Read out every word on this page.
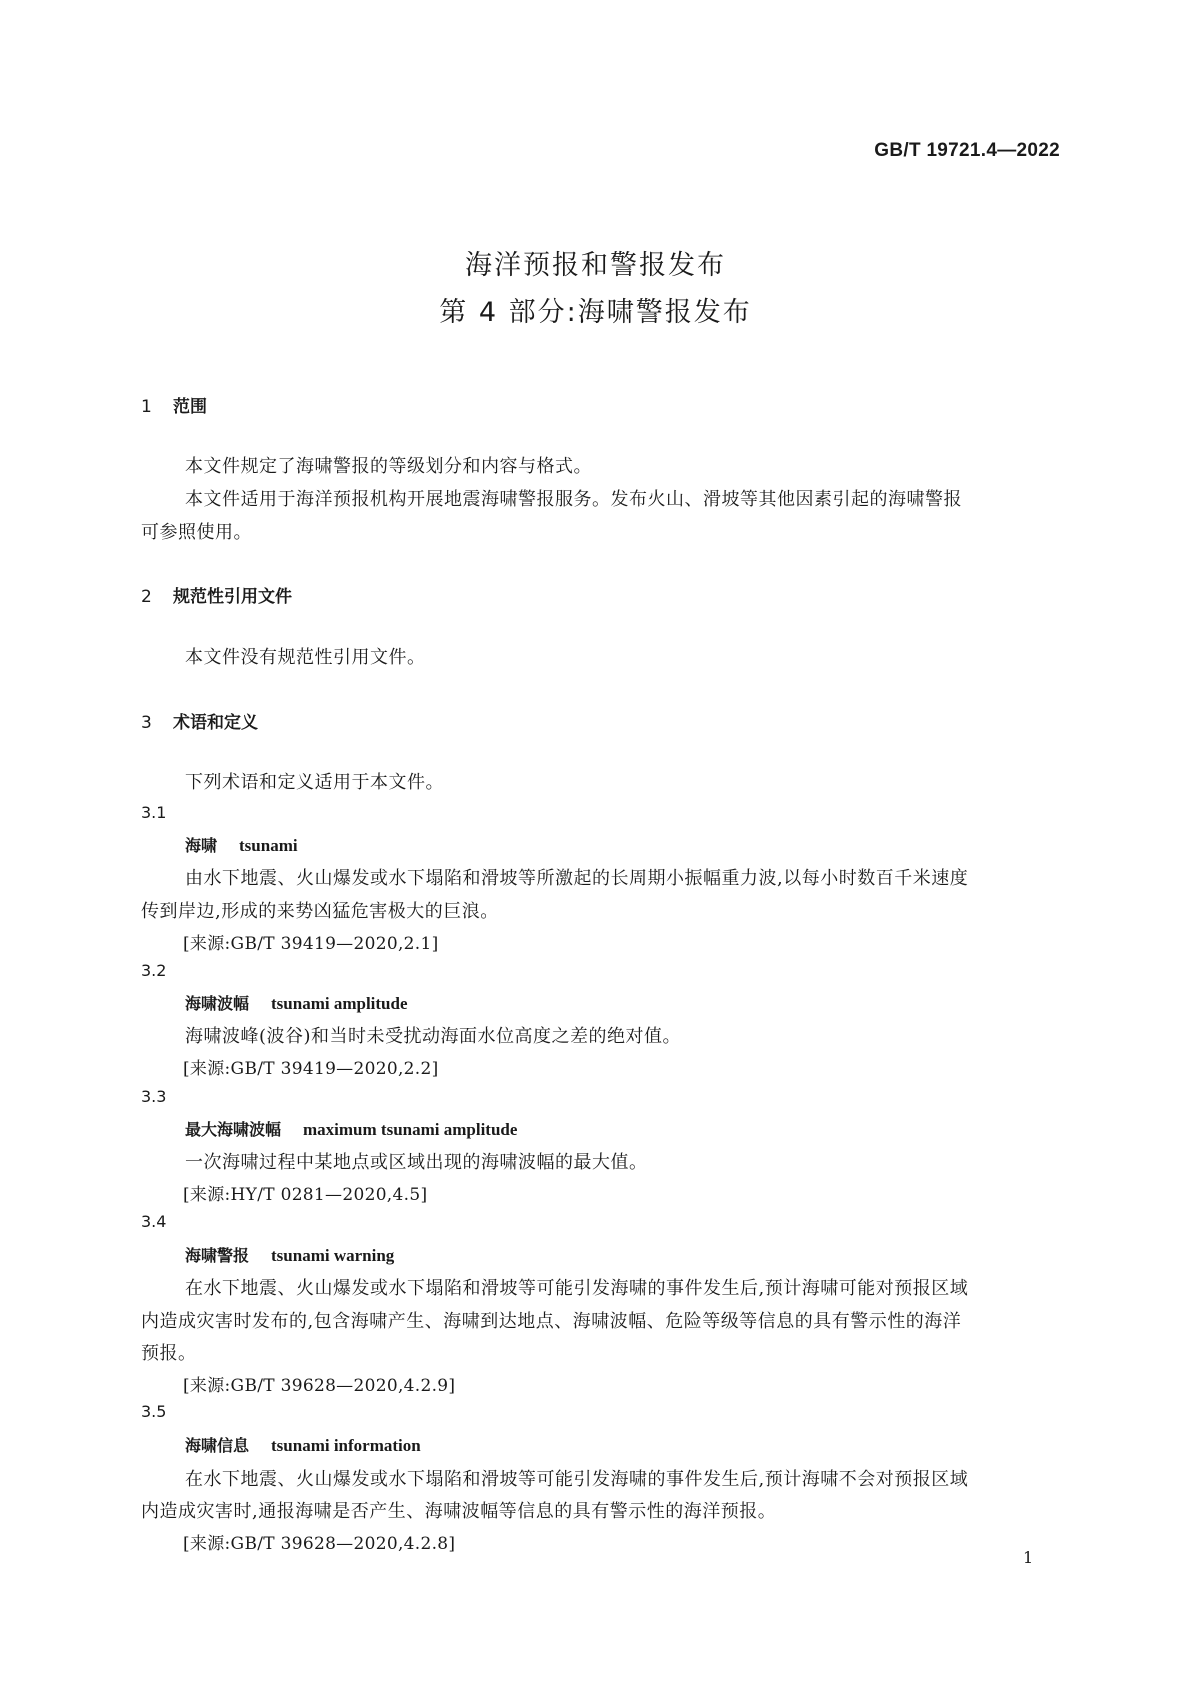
GB/T 19721.4—2022
海洋预报和警报发布
第 4 部分:海啸警报发布
1 范围
本文件规定了海啸警报的等级划分和内容与格式。
本文件适用于海洋预报机构开展地震海啸警报服务。发布火山、滑坡等其他因素引起的海啸警报
可参照使用。
2 规范性引用文件
本文件没有规范性引用文件。
3 术语和定义
下列术语和定义适用于本文件。
3.1
海啸 tsunami
由水下地震、火山爆发或水下塌陷和滑坡等所激起的长周期小振幅重力波,以每小时数百千米速度
传到岸边,形成的来势凶猛危害极大的巨浪。
[来源:GB/T 39419—2020,2.1]
3.2
海啸波幅 tsunami amplitude
海啸波峰(波谷)和当时未受扰动海面水位高度之差的绝对值。
[来源:GB/T 39419—2020,2.2]
3.3
最大海啸波幅 maximum tsunami amplitude
一次海啸过程中某地点或区域出现的海啸波幅的最大值。
[来源:HY/T 0281—2020,4.5]
3.4
海啸警报 tsunami warning
在水下地震、火山爆发或水下塌陷和滑坡等可能引发海啸的事件发生后,预计海啸可能对预报区域
内造成灾害时发布的,包含海啸产生、海啸到达地点、海啸波幅、危险等级等信息的具有警示性的海洋
预报。
[来源:GB/T 39628—2020,4.2.9]
3.5
海啸信息 tsunami information
在水下地震、火山爆发或水下塌陷和滑坡等可能引发海啸的事件发生后,预计海啸不会对预报区域
内造成灾害时,通报海啸是否产生、海啸波幅等信息的具有警示性的海洋预报。
[来源:GB/T 39628—2020,4.2.8]
1
